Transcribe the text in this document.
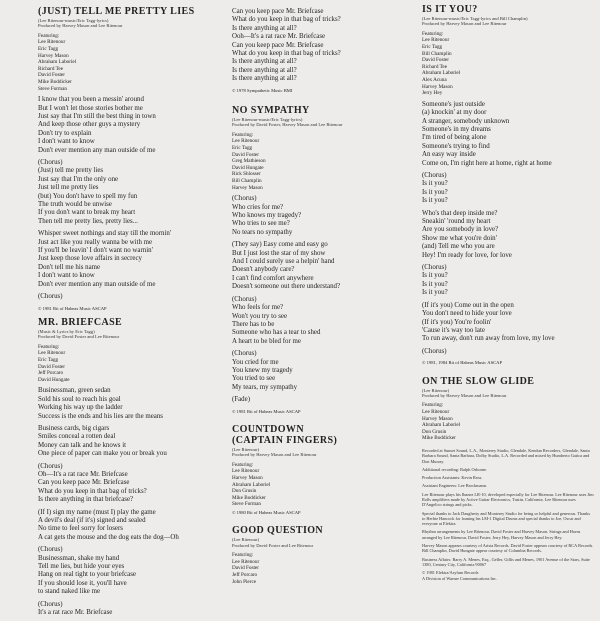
(JUST) TELL ME PRETTY LIES
(Lee Ritenour-music/Eric Tagg-lyrics)
Produced by Harvey Mason and Lee Ritenour
Featuring:
Lee Ritenour
Eric Tagg
Harvey Mason
Abraham Laboriel
Richard Tee
David Foster
Mike Boddicker
Steve Forman

I know that you been a messin' around
But I won't let those stories bother me
Just say that I'm still the best thing in town
And keep those other guys a mystery
Don't try to explain
I don't want to know
Don't ever mention any man outside of me

(Chorus)
(Just) tell me pretty lies
Just say that I'm the only one
Just tell me pretty lies
(but) You don't have to spell my fun
The truth would be unwise
If you don't want to break my heart
Then tell me pretty lies, pretty lies...

Whisper sweet nothings and stay till the mornin'
Just act like you really wanna be with me
If you'll be leavin' I don't want no warnin'
Just keep those love affairs in secrecy
Don't tell me his name
I don't want to know
Don't ever mention any man outside of me

(Chorus)

© 1981 Rit of Habeas Music ASCAP
MR. BRIEFCASE
(Music & Lyrics by Eric Tagg)
Produced by David Foster and Lee Ritenour
Featuring:
Lee Ritenour
Eric Tagg
David Foster
Jeff Porcaro
David Hungate

Businessman, green sedan
Sold his soul to reach his goal
Working his way up the ladder
Success is the ends and his lies are the means

Business cards, big cigars
Smiles conceal a rotten deal
Money can talk and he knows it
One piece of paper can make you or break you

(Chorus)
Oh—It's a rat race Mr. Briefcase
Can you keep pace Mr. Briefcase
What do you keep in that bag of tricks?
Is there anything in that briefcase?

(If I) sign my name (must I) play the game
A devil's deal (if it's) signed and sealed
No time to feel sorry for losers
A cat gets the mouse and the dog eats the dog—Oh

(Chorus)
Businessman, shake my hand
Tell me lies, but hide your eyes
Hang on real tight to your briefcase
If you should lose it, you'll have
to stand naked like me

(Chorus)
It's a rat race Mr. Briefcase

Can you keep pace Mr. Briefcase
What do you keep in that bag of tricks?
Is there anything at all?
Ooh—It's a rat race Mr. Briefcase
Can you keep pace Mr. Briefcase
What do you keep in that bag of tricks?
Is there anything at all?
Is there anything at all?
Is there anything at all?

© 1978 Sympathetic Music BMI
NO SYMPATHY
(Lee Ritenour-music/Eric Tagg-lyrics)
Produced by David Foster, Harvey Mason and Lee Ritenour
Featuring:
Lee Ritenour
Eric Tagg
David Foster
Greg Mathieson
David Hungate
Rick Shlosser
Bill Champlin
Harvey Mason

(Chorus)
Who cries for me?
Who knows my tragedy?
Who tries to see me?
No tears no sympathy

(They say) Easy come and easy go
But I just lost the star of my show
And I could surely use a helpin' hand
Doesn't anybody care?
I can't find comfort anywhere
Doesn't someone out there understand?

(Chorus)
Who feels for me?
Won't you try to see
There has to be
Someone who has a tear to shed
A heart to be bled for me

(Chorus)
You cried for me
You knew my tragedy
You tried to see
My tears, my sympathy

(Fade)

© 1981 Rit of Habeas Music ASCAP
COUNTDOWN
(CAPTAIN FINGERS)
(Lee Ritenour)
Produced by Harvey Mason and Lee Ritenour
Featuring:
Lee Ritenour
Harvey Mason
Abraham Laboriel
Don Grusin
Mike Boddicker
Steve Forman
© 1980 Rit of Habeas Music ASCAP
GOOD QUESTION
(Lee Ritenour)
Produced by David Foster and Lee Ritenour
Featuring:
Lee Ritenour
David Foster
Jeff Porcaro
John Pierce
IS IT YOU?
(Lee Ritenour-music/Eric Tagg-lyrics and Bill Champlin)
Produced by Harvey Mason and Lee Ritenour
Featuring:
Lee Ritenour
Eric Tagg
Bill Champlin
David Foster
Richard Tee
Abraham Laboriel
Alex Acuna
Harvey Mason
Jerry Hey

Someone's just outside
(a) knockin' at my door
A stranger, somebody unknown
Someone's in my dreams
I'm tired of being alone
Someone's trying to find
An easy way inside
Come on, I'm right here at home, right at home

(Chorus)
Is it you?
Is it you?
Is it you?

Who's that deep inside me?
Sneakin' 'round my heart
Are you somebody in love?
Show me what you're doin'
(and) Tell me who you are
Hey! I'm ready for love, for love

(Chorus)
Is it you?
Is it you?
Is it you?

(If it's you) Come out in the open
You don't need to hide your love
(If it's you) You're foolin'
'Cause it's way too late
To run away, don't run away from love, my love

(Chorus)

© 1981, 1984 Rit of Habeas Music ASCAP
ON THE SLOW GLIDE
(Lee Ritenour)
Produced by Harvey Mason and Lee Ritenour
Featuring:
Lee Ritenour
Harvey Mason
Abraham Laboriel
Don Grusin
Mike Boddicker

Recorded at Sunset Sound, L.A., Monterey Studio, Glendale, Kendun Recorders, Glendale, Santa Barbara Sound, Santa Barbara, Dolby Studio, L.A. Recorded and mixed by Humberto Gatica and Don Murray.

Additional recording: Ralph Osborne.

Production Assistants: Kevin Ross.

Assistant Engineers: Lee Brockmann.

Lee Ritenour plays his Ibanez LR-10, developed especially for Lee Ritenour. Lee Ritenour uses Jim Rolls amplifiers made by Active Guitar Electronics, Tustin, California. Lee Ritenour uses D'Angelico strings and picks.

Special thanks to Jack Daugherty and Monterey Studio for being so helpful and generous. Thanks to Herbie Hancock for loaning his LM-1 Digital Drums and special thanks to Joe, Oscar and everyone at Elektra.

Rhythm arrangements by Lee Ritenour, David Foster and Harvey Mason. Strings and Horns arranged by Lee Ritenour, David Foster, Jerry Hey, Harvey Mason and Jerry Hey.

Harvey Mason appears courtesy of Arista Records. David Foster appears courtesy of RCA Records. Bill Champlin, David Hungate appear courtesy of Columbia Records.

Business Affairs: Barry A. Menes, Esq., Geller, Gillis and Menes, 1901 Avenue of the Stars, Suite 1380, Century City, California 90067

© 1981 Elektra/Asylum Records

A Division of Warner Communications Inc.
